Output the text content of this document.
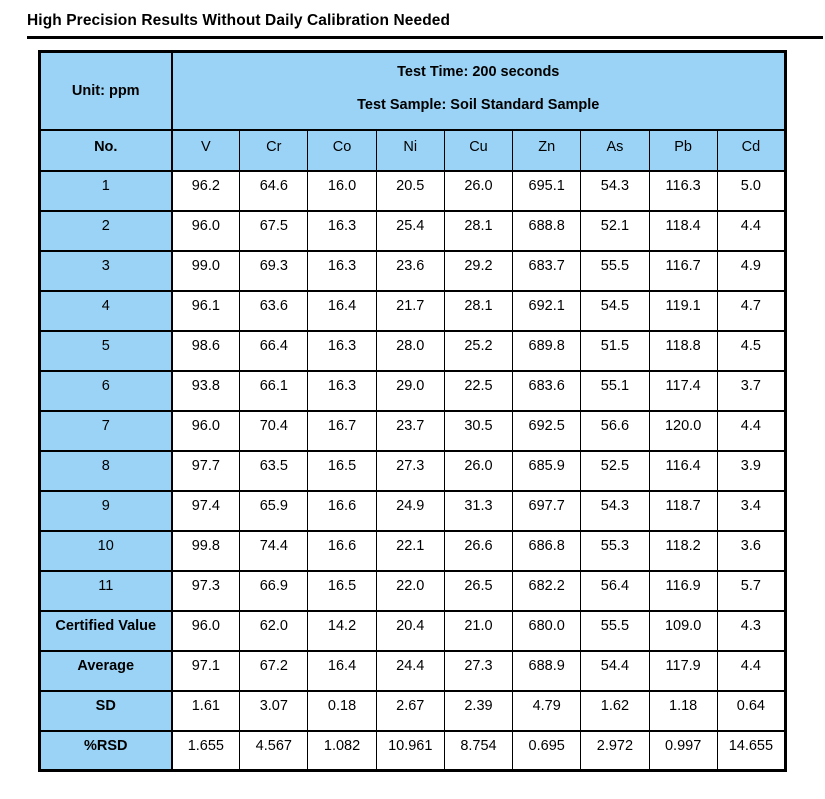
High Precision Results Without Daily Calibration Needed
Unit: ppm	Test Time: 200 seconds
Test Sample: Soil Standard Sample								

No.	V	Cr	Co	Ni	Cu	Zn	As	Pb	Cd
1	96.2	64.6	16.0	20.5	26.0	695.1	54.3	116.3	5.0
2	96.0	67.5	16.3	25.4	28.1	688.8	52.1	118.4	4.4
3	99.0	69.3	16.3	23.6	29.2	683.7	55.5	116.7	4.9
4	96.1	63.6	16.4	21.7	28.1	692.1	54.5	119.1	4.7
5	98.6	66.4	16.3	28.0	25.2	689.8	51.5	118.8	4.5
6	93.8	66.1	16.3	29.0	22.5	683.6	55.1	117.4	3.7
7	96.0	70.4	16.7	23.7	30.5	692.5	56.6	120.0	4.4
8	97.7	63.5	16.5	27.3	26.0	685.9	52.5	116.4	3.9
9	97.4	65.9	16.6	24.9	31.3	697.7	54.3	118.7	3.4
10	99.8	74.4	16.6	22.1	26.6	686.8	55.3	118.2	3.6
11	97.3	66.9	16.5	22.0	26.5	682.2	56.4	116.9	5.7
Certified Value	96.0	62.0	14.2	20.4	21.0	680.0	55.5	109.0	4.3
Average	97.1	67.2	16.4	24.4	27.3	688.9	54.4	117.9	4.4
SD	1.61	3.07	0.18	2.67	2.39	4.79	1.62	1.18	0.64
%RSD	1.655	4.567	1.082	10.961	8.754	0.695	2.972	0.997	14.655
